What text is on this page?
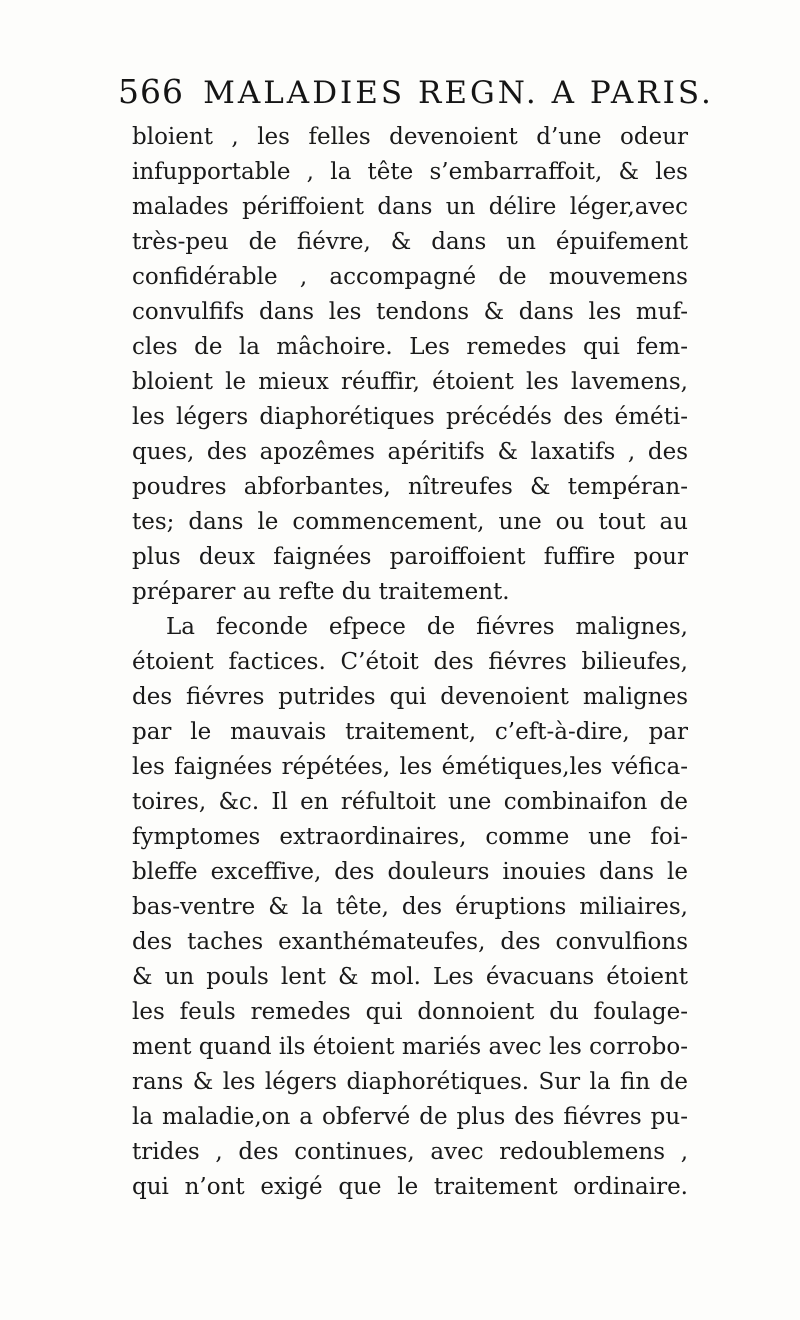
566 MALADIES REGN. A PARIS.
bloient , les felles devenoient d’une odeur
infupportable , la tête s’embarraffoit, & les
malades périffoient dans un délire léger,avec
très-peu de fiévre, & dans un épuifement
confidérable , accompagné de mouvemens
convulfifs dans les tendons & dans les muf-
cles de la mâchoire. Les remedes qui fem-
bloient le mieux réuffir, étoient les lavemens,
les légers diaphorétiques précédés des éméti-
ques, des apozêmes apéritifs & laxatifs , des
poudres abforbantes, nîtreufes & tempéran-
tes; dans le commencement, une ou tout au
plus deux faignées paroiffoient fuffire pour
préparer au refte du traitement.
La feconde efpece de fiévres malignes,
étoient factices. C’étoit des fiévres bilieufes,
des fiévres putrides qui devenoient malignes
par le mauvais traitement, c’eft-à-dire, par
les faignées répétées, les émétiques,les véfica-
toires, &c. Il en réfultoit une combinaifon de
fymptomes extraordinaires, comme une foi-
bleffe exceffive, des douleurs inouies dans le
bas-ventre & la tête, des éruptions miliaires,
des taches exanthémateufes, des convulfions
& un pouls lent & mol. Les évacuans étoient
les feuls remedes qui donnoient du foulage-
ment quand ils étoient mariés avec les corrobo-
rans & les légers diaphorétiques. Sur la fin de
la maladie,on a obfervé de plus des fiévres pu-
trides , des continues, avec redoublemens ,
qui n’ont exigé que le traitement ordinaire.
